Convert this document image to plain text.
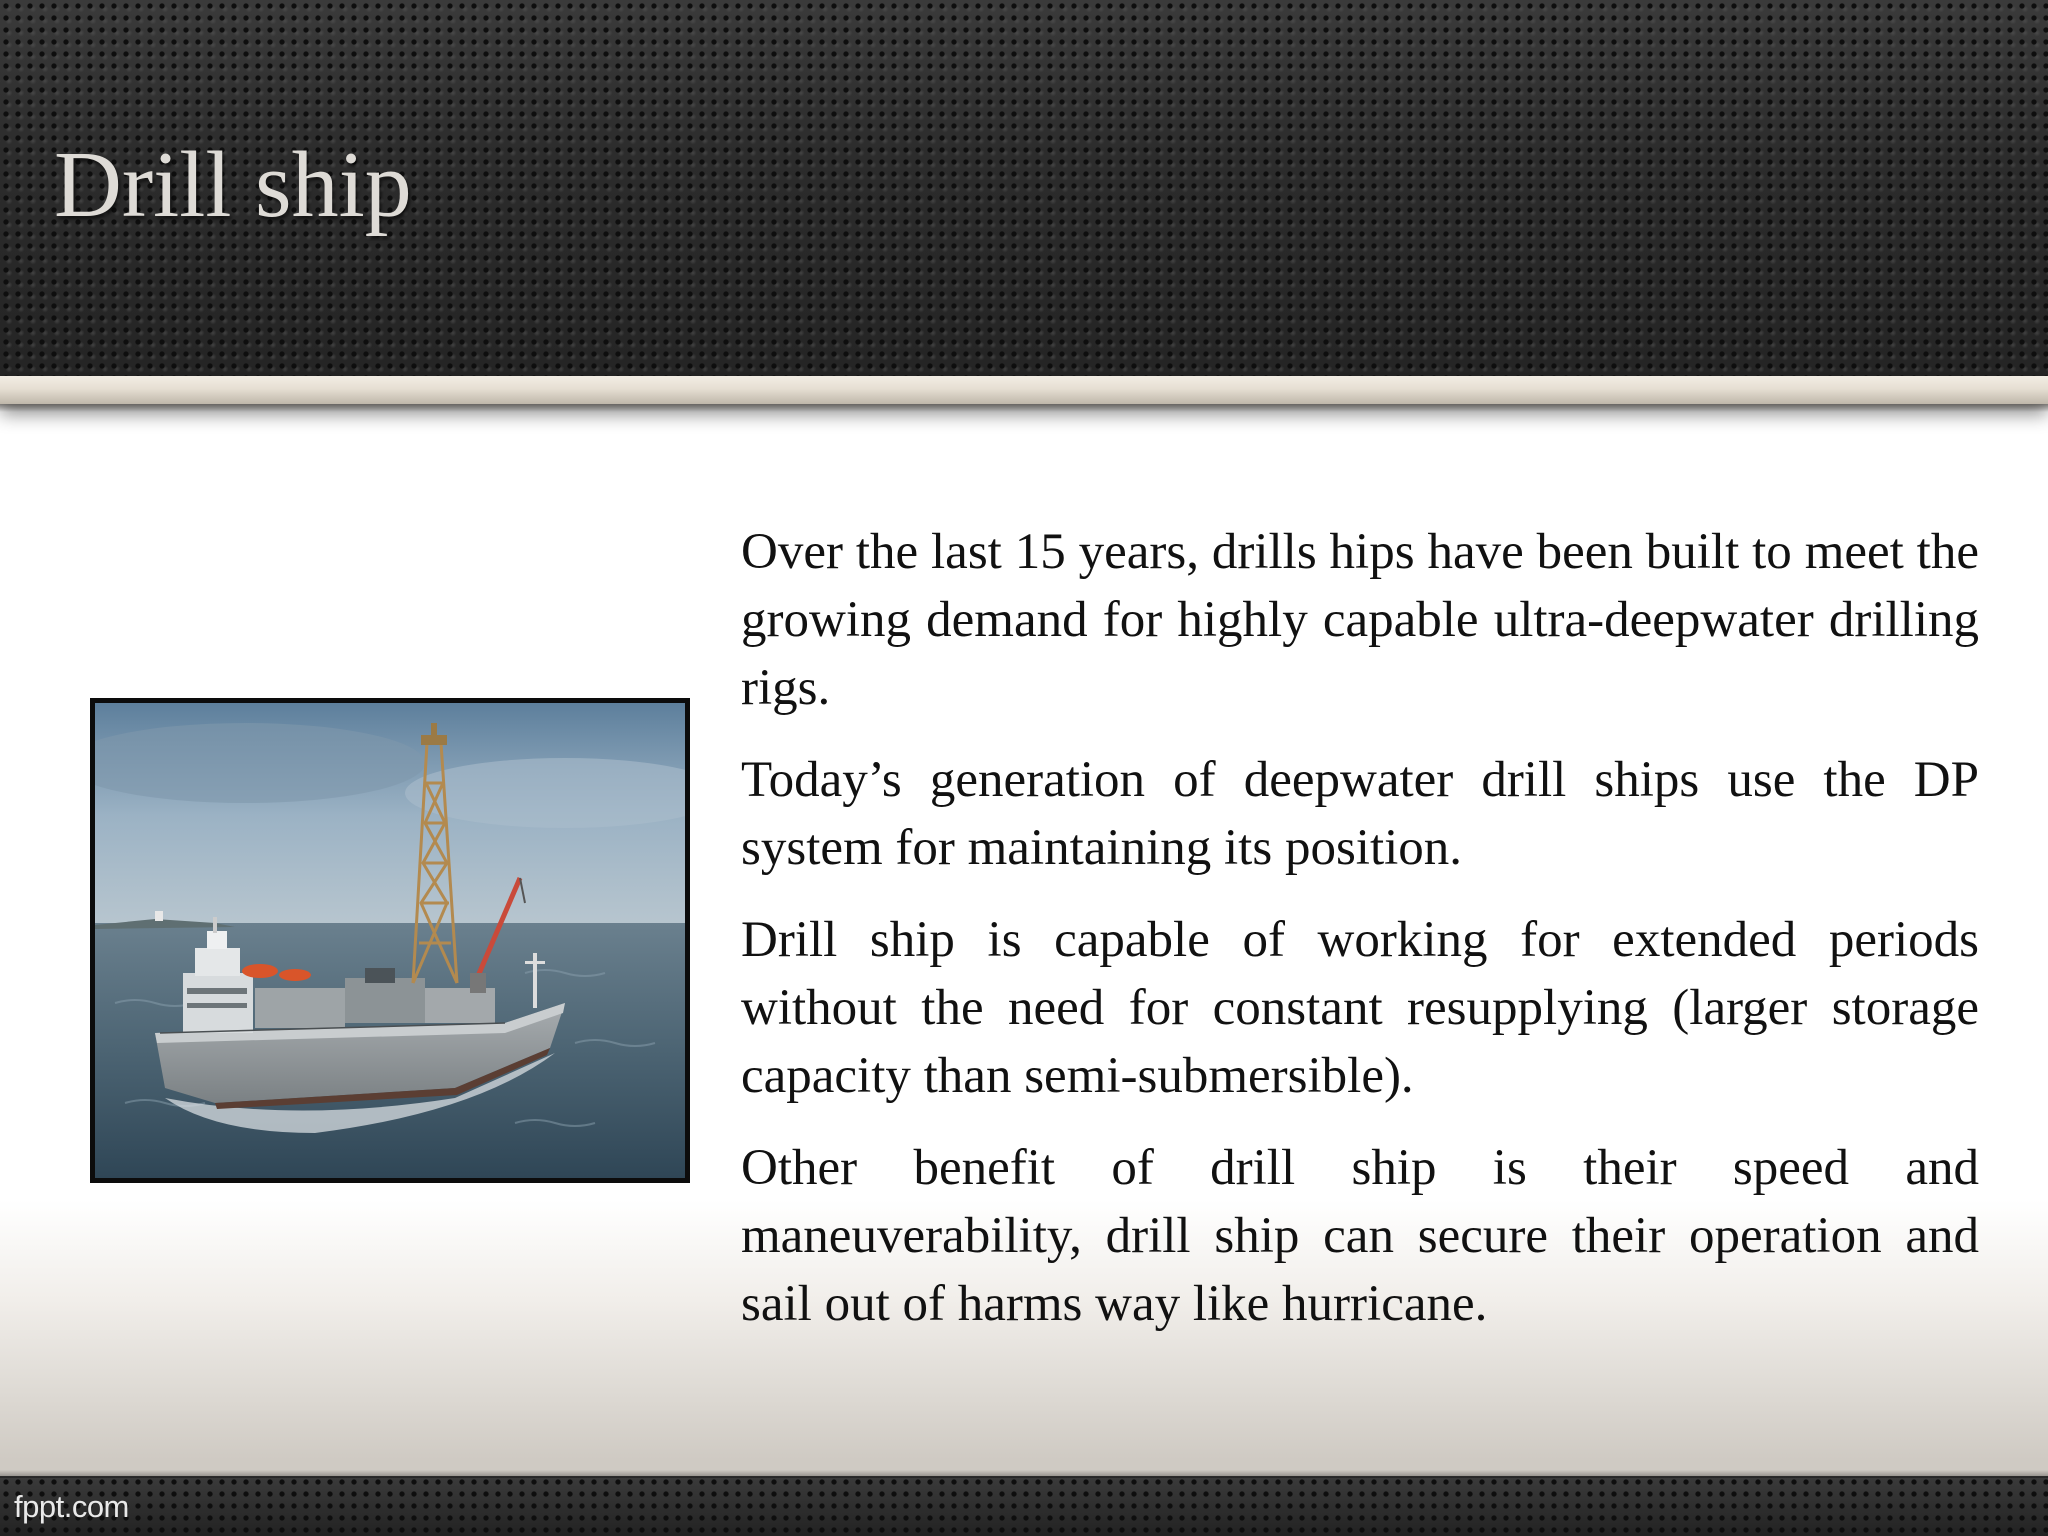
Drill ship

Over the last 15 years, drills hips have been built to meet the growing demand for highly capable ultra-deepwater drilling rigs.

Today’s generation of deepwater drill ships use the DP system for maintaining its position.

Drill ship is capable of working for extended periods without the need for constant resupplying (larger storage capacity than semi-submersible).

Other benefit of drill ship is their speed and maneuverability, drill ship can secure their operation and sail out of harms way like hurricane.

fppt.com
